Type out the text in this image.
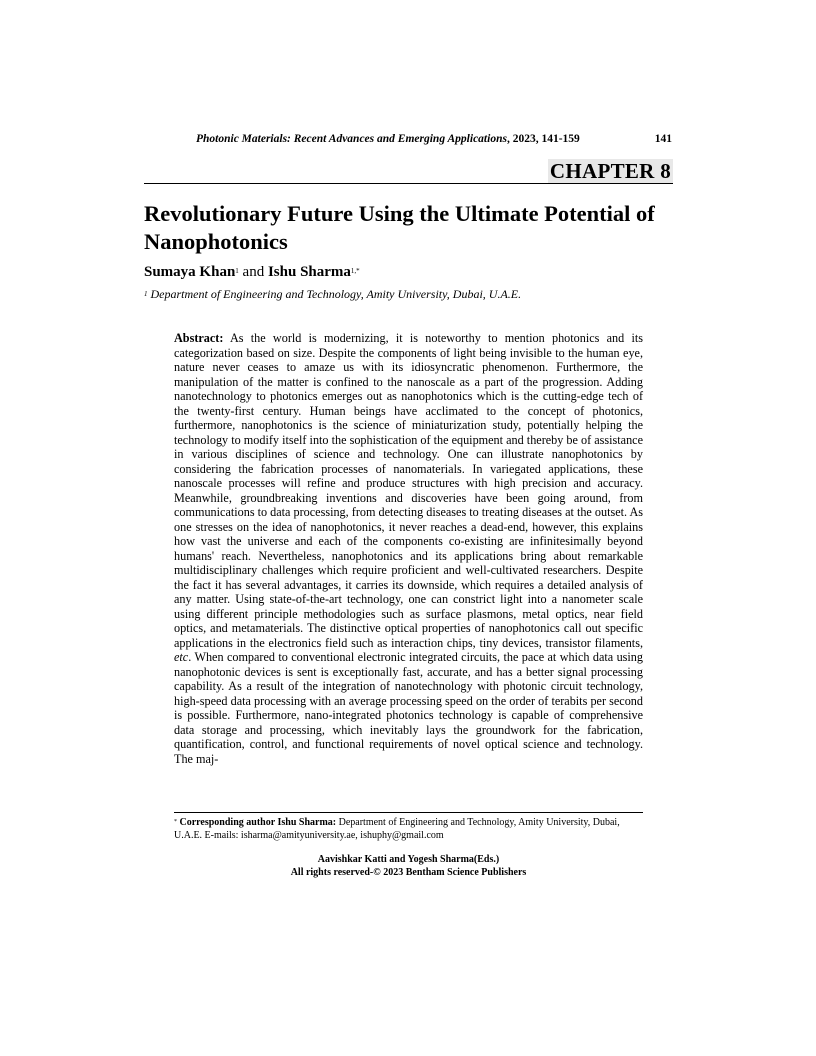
Photonic Materials: Recent Advances and Emerging Applications, 2023, 141-159	141
CHAPTER 8
Revolutionary Future Using the Ultimate Potential of Nanophotonics
Sumaya Khan$^1$ and Ishu Sharma$^{1,*}$
$^1$ Department of Engineering and Technology, Amity University, Dubai, U.A.E.

Abstract: As the world is modernizing, it is noteworthy to mention photonics and its categorization based on size. Despite the components of light being invisible to the human eye, nature never ceases to amaze us with its idiosyncratic phenomenon. Furthermore, the manipulation of the matter is confined to the nanoscale as a part of the progression. Adding nanotechnology to photonics emerges out as nanophotonics which is the cutting-edge tech of the twenty-first century. Human beings have acclimated to the concept of photonics, furthermore, nanophotonics is the science of miniaturization study, potentially helping the technology to modify itself into the sophistication of the equipment and thereby be of assistance in various disciplines of science and technology. One can illustrate nanophotonics by considering the fabrication processes of nanomaterials. In variegated applications, these nanoscale processes will refine and produce structures with high precision and accuracy. Meanwhile, groundbreaking inventions and discoveries have been going around, from communications to data processing, from detecting diseases to treating diseases at the outset. As one stresses on the idea of nanophotonics, it never reaches a dead-end, however, this explains how vast the universe and each of the components co-existing are infinitesimally beyond humans' reach. Nevertheless, nanophotonics and its applications bring about remarkable multidisciplinary challenges which require proficient and well-cultivated researchers. Despite the fact it has several advantages, it carries its downside, which requires a detailed analysis of any matter. Using state-of-the-art technology, one can constrict light into a nanometer scale using different principle methodologies such as surface plasmons, metal optics, near field optics, and metamaterials. The distinctive optical properties of nanophotonics call out specific applications in the electronics field such as interaction chips, tiny devices, transistor filaments, etc. When compared to conventional electronic integrated circuits, the pace at which data using nanophotonic devices is sent is exceptionally fast, accurate, and has a better signal processing capability. As a result of the integration of nanotechnology with photonic circuit technology, high-speed data processing with an average processing speed on the order of terabits per second is possible. Furthermore, nano-integrated photonics technology is capable of comprehensive data storage and processing, which inevitably lays the groundwork for the fabrication, quantification, control, and functional requirements of novel optical science and technology. The maj-

* Corresponding author Ishu Sharma: Department of Engineering and Technology, Amity University, Dubai, U.A.E. E-mails: isharma@amityuniversity.ae, ishuphy@gmail.com

Aavishkar Katti and Yogesh Sharma(Eds.)
All rights reserved-© 2023 Bentham Science Publishers
